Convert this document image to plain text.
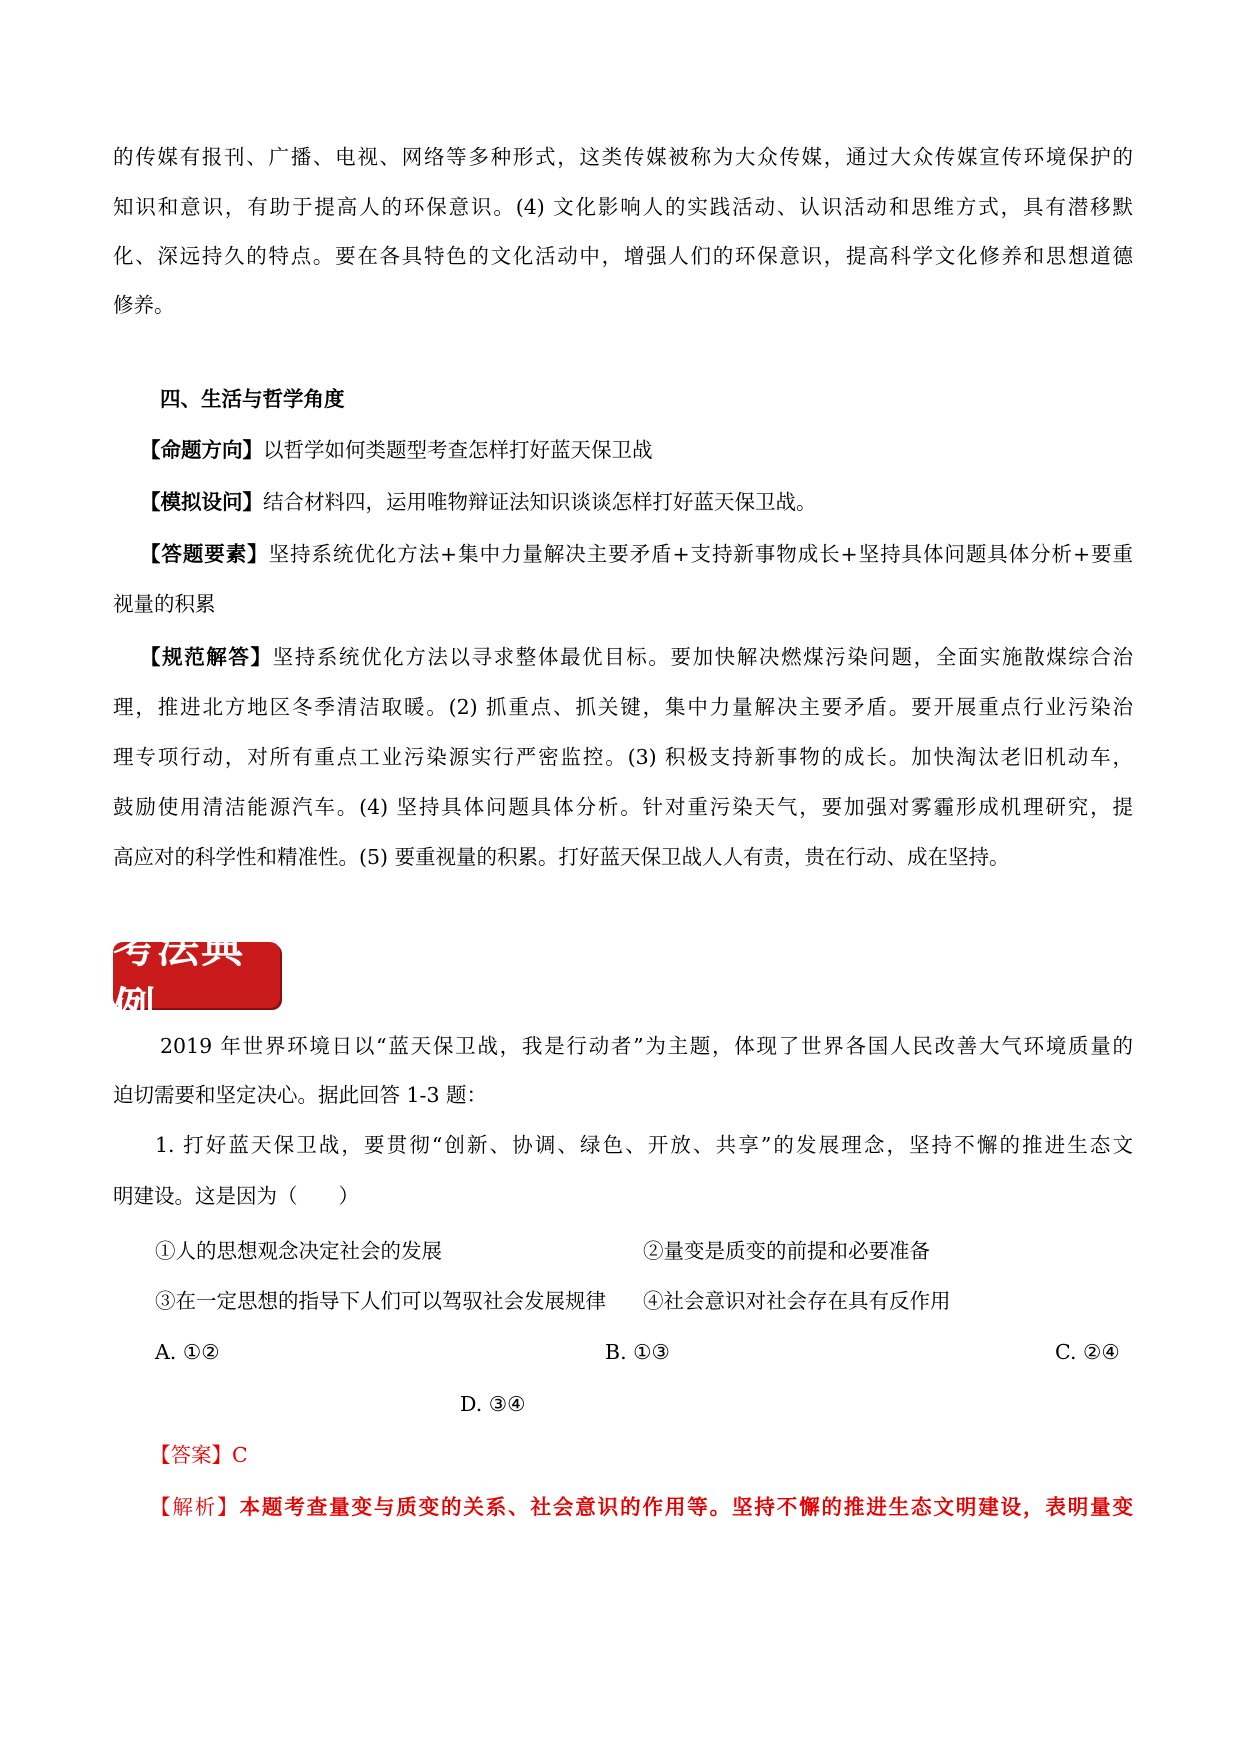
的传媒有报刊、广播、电视、网络等多种形式，这类传媒被称为大众传媒，通过大众传媒宣传环境保护的
知识和意识，有助于提高人的环保意识。(4) 文化影响人的实践活动、认识活动和思维方式，具有潜移默
化、深远持久的特点。要在各具特色的文化活动中，增强人们的环保意识，提高科学文化修养和思想道德
修养。
四、生活与哲学角度
【命题方向】以哲学如何类题型考查怎样打好蓝天保卫战
【模拟设问】结合材料四，运用唯物辩证法知识谈谈怎样打好蓝天保卫战。
【答题要素】坚持系统优化方法+集中力量解决主要矛盾+支持新事物成长+坚持具体问题具体分析+要重
视量的积累
【规范解答】坚持系统优化方法以寻求整体最优目标。要加快解决燃煤污染问题，全面实施散煤综合治
理，推进北方地区冬季清洁取暖。(2) 抓重点、抓关键，集中力量解决主要矛盾。要开展重点行业污染治
理专项行动，对所有重点工业污染源实行严密监控。(3) 积极支持新事物的成长。加快淘汰老旧机动车，
鼓励使用清洁能源汽车。(4) 坚持具体问题具体分析。针对重污染天气，要加强对雾霾形成机理研究，提
高应对的科学性和精准性。(5) 要重视量的积累。打好蓝天保卫战人人有责，贵在行动、成在坚持。
考法典例
2019 年世界环境日以“蓝天保卫战，我是行动者”为主题，体现了世界各国人民改善大气环境质量的
迫切需要和坚定决心。据此回答 1-3 题：
1. 打好蓝天保卫战，要贯彻“创新、协调、绿色、开放、共享”的发展理念，坚持不懈的推进生态文
明建设。这是因为（　　）
①人的思想观念决定社会的发展	②量变是质变的前提和必要准备
③在一定思想的指导下人们可以驾驭社会发展规律 ④社会意识对社会存在具有反作用
A. ①②	B. ①③	C. ②④
D. ③④
【答案】C
【解析】本题考查量变与质变的关系、社会意识的作用等。坚持不懈的推进生态文明建设，表明量变
